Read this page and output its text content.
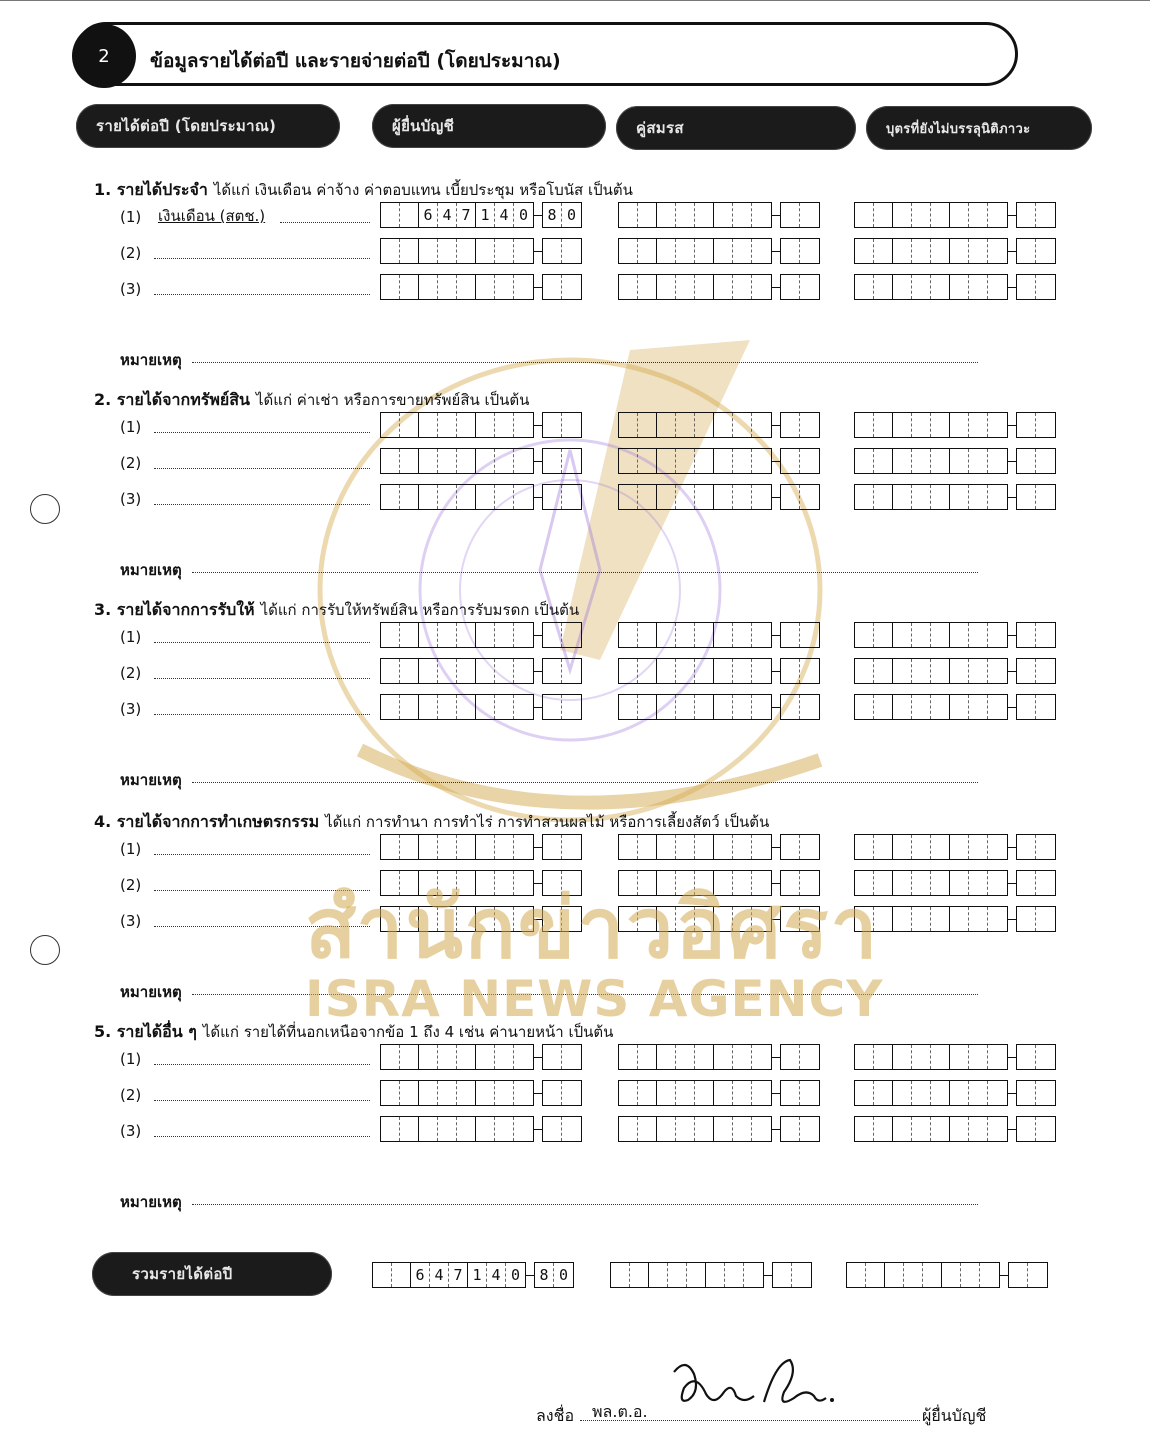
2 ข้อมูลรายได้ต่อปี และรายจ่ายต่อปี (โดยประมาณ)
รายได้ต่อปี (โดยประมาณ)	ผู้ยื่นบัญชี	คู่สมรส	บุตรที่ยังไม่บรรลุนิติภาวะ
1. รายได้ประจำ ได้แก่ เงินเดือน ค่าจ้าง ค่าตอบแทน เบี้ยประชุม หรือโบนัส เป็นต้น
(1) เงินเดือน (สตช.)	6 4 7 1 4 0	8 0
(2)
(3)
หมายเหตุ
2. รายได้จากทรัพย์สิน ได้แก่ ค่าเช่า หรือการขายทรัพย์สิน เป็นต้น
(1)
(2)
(3)
หมายเหตุ
3. รายได้จากการรับให้ ได้แก่ การรับให้ทรัพย์สิน หรือการรับมรดก เป็นต้น
(1)
(2)
(3)
หมายเหตุ
4. รายได้จากการทำเกษตรกรรม ได้แก่ การทำนา การทำไร่ การทำสวนผลไม้ หรือการเลี้ยงสัตว์ เป็นต้น
(1)
(2)
(3)
หมายเหตุ
5. รายได้อื่น ๆ ได้แก่ รายได้ที่นอกเหนือจากข้อ 1 ถึง 4 เช่น ค่านายหน้า เป็นต้น
(1)
(2)
(3)
หมายเหตุ
สำนักข่าวอิศรา
ISRA NEWS AGENCY
รวมรายได้ต่อปี	6 4 7 1 4 0	8 0
ลงชื่อ พล.ต.อ.	ผู้ยื่นบัญชี
